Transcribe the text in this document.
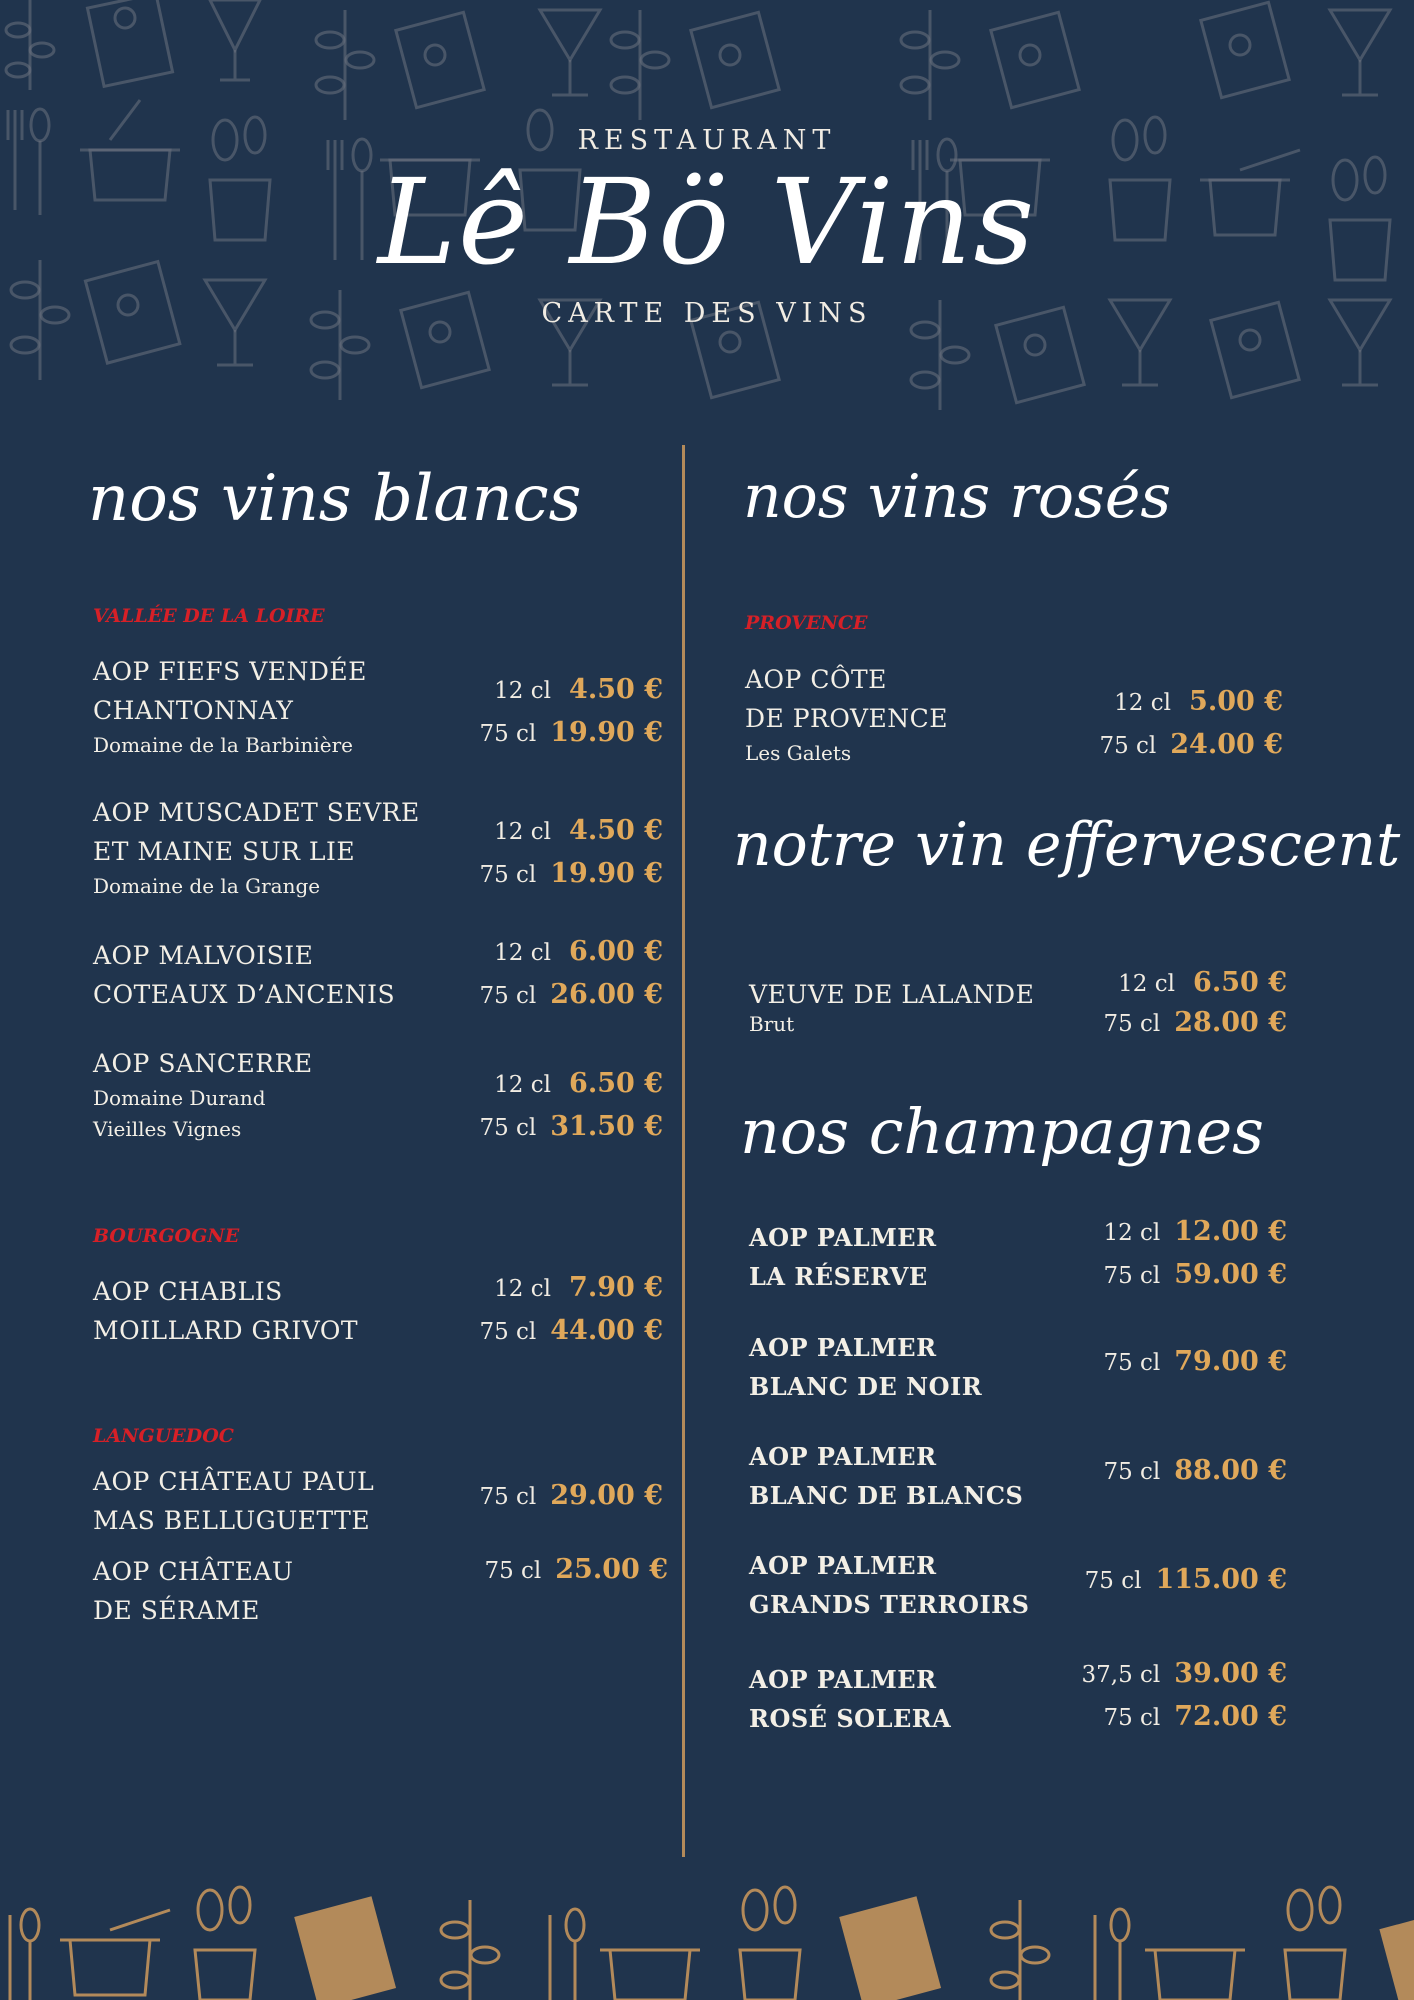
RESTAURANT
Lê Bö Vins
CARTE DES VINS
nos vins blancs
VALLÉE DE LA LOIRE
AOP FIEFS VENDÉE
CHANTONNAY
Domaine de la Barbinière
12 cl 4.50 €
75 cl 19.90 €
AOP MUSCADET SEVRE
ET MAINE SUR LIE
Domaine de la Grange
12 cl 4.50 €
75 cl 19.90 €
AOP MALVOISIE
COTEAUX D’ANCENIS
12 cl 6.00 €
75 cl 26.00 €
AOP SANCERRE
Domaine Durand
Vieilles Vignes
12 cl 6.50 €
75 cl 31.50 €
BOURGOGNE
AOP CHABLIS
MOILLARD GRIVOT
12 cl 7.90 €
75 cl 44.00 €
LANGUEDOC
AOP CHÂTEAU PAUL
MAS BELLUGUETTE
75 cl 29.00 €
AOP CHÂTEAU
DE SÉRAME
75 cl 25.00 €
nos vins rosés
PROVENCE
AOP CÔTE
DE PROVENCE
Les Galets
12 cl 5.00 €
75 cl 24.00 €
notre vin effervescent
VEUVE DE LALANDE
Brut
12 cl 6.50 €
75 cl 28.00 €
nos champagnes
AOP PALMER
LA RÉSERVE
12 cl 12.00 €
75 cl 59.00 €
AOP PALMER
BLANC DE NOIR
75 cl 79.00 €
AOP PALMER
BLANC DE BLANCS
75 cl 88.00 €
AOP PALMER
GRANDS TERROIRS
75 cl 115.00 €
AOP PALMER
ROSÉ SOLERA
37,5 cl 39.00 €
75 cl 72.00 €
